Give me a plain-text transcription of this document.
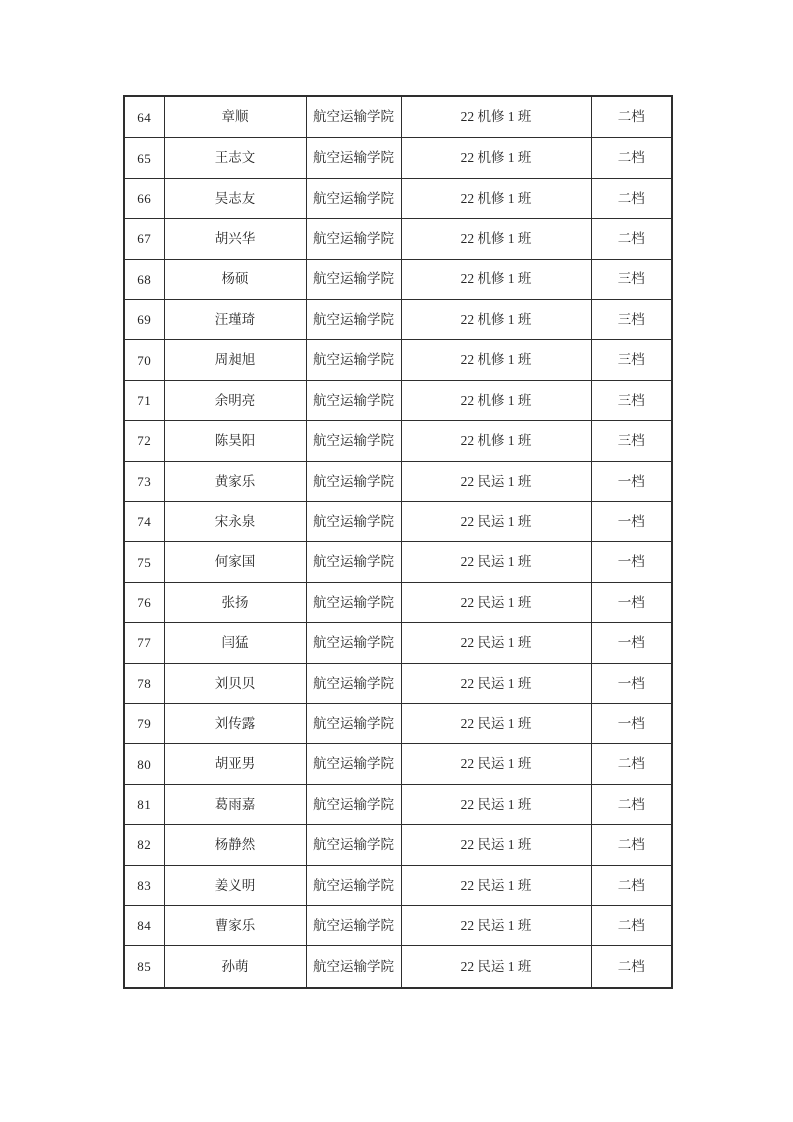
64	章顺	航空运输学院	22 机修 1 班	二档
65	王志文	航空运输学院	22 机修 1 班	二档
66	吴志友	航空运输学院	22 机修 1 班	二档
67	胡兴华	航空运输学院	22 机修 1 班	二档
68	杨硕	航空运输学院	22 机修 1 班	三档
69	汪瑾琦	航空运输学院	22 机修 1 班	三档
70	周昶旭	航空运输学院	22 机修 1 班	三档
71	余明亮	航空运输学院	22 机修 1 班	三档
72	陈昊阳	航空运输学院	22 机修 1 班	三档
73	黄家乐	航空运输学院	22 民运 1 班	一档
74	宋永泉	航空运输学院	22 民运 1 班	一档
75	何家国	航空运输学院	22 民运 1 班	一档
76	张扬	航空运输学院	22 民运 1 班	一档
77	闫猛	航空运输学院	22 民运 1 班	一档
78	刘贝贝	航空运输学院	22 民运 1 班	一档
79	刘传露	航空运输学院	22 民运 1 班	一档
80	胡亚男	航空运输学院	22 民运 1 班	二档
81	葛雨嘉	航空运输学院	22 民运 1 班	二档
82	杨静然	航空运输学院	22 民运 1 班	二档
83	姜义明	航空运输学院	22 民运 1 班	二档
84	曹家乐	航空运输学院	22 民运 1 班	二档
85	孙萌	航空运输学院	22 民运 1 班	二档
